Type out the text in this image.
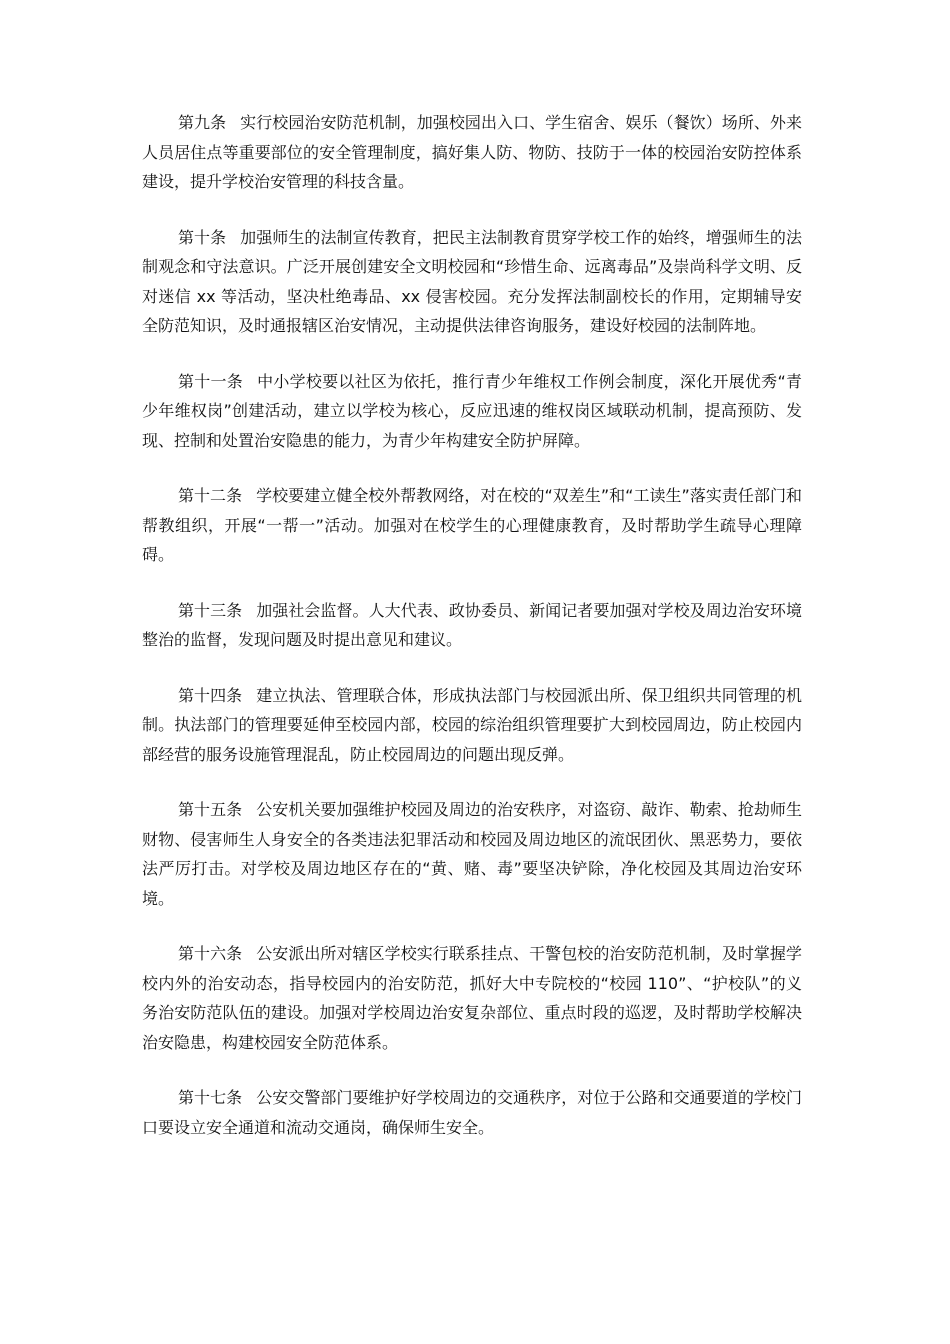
第九条 实行校园治安防范机制，加强校园出入口、学生宿舍、娱乐（餐饮）场所、外来人员居住点等重要部位的安全管理制度，搞好集人防、物防、技防于一体的校园治安防控体系建设，提升学校治安管理的科技含量。

第十条 加强师生的法制宣传教育，把民主法制教育贯穿学校工作的始终，增强师生的法制观念和守法意识。广泛开展创建安全文明校园和“珍惜生命、远离毒品”及崇尚科学文明、反对迷信 xx 等活动，坚决杜绝毒品、xx 侵害校园。充分发挥法制副校长的作用，定期辅导安全防范知识，及时通报辖区治安情况，主动提供法律咨询服务，建设好校园的法制阵地。

第十一条 中小学校要以社区为依托，推行青少年维权工作例会制度，深化开展优秀“青少年维权岗”创建活动，建立以学校为核心，反应迅速的维权岗区域联动机制，提高预防、发现、控制和处置治安隐患的能力，为青少年构建安全防护屏障。

第十二条 学校要建立健全校外帮教网络，对在校的“双差生”和“工读生”落实责任部门和帮教组织，开展“一帮一”活动。加强对在校学生的心理健康教育，及时帮助学生疏导心理障碍。

第十三条 加强社会监督。人大代表、政协委员、新闻记者要加强对学校及周边治安环境整治的监督，发现问题及时提出意见和建议。

第十四条 建立执法、管理联合体，形成执法部门与校园派出所、保卫组织共同管理的机制。执法部门的管理要延伸至校园内部，校园的综治组织管理要扩大到校园周边，防止校园内部经营的服务设施管理混乱，防止校园周边的问题出现反弹。

第十五条 公安机关要加强维护校园及周边的治安秩序，对盗窃、敲诈、勒索、抢劫师生财物、侵害师生人身安全的各类违法犯罪活动和校园及周边地区的流氓团伙、黑恶势力，要依法严厉打击。对学校及周边地区存在的“黄、赌、毒”要坚决铲除，净化校园及其周边治安环境。

第十六条 公安派出所对辖区学校实行联系挂点、干警包校的治安防范机制，及时掌握学校内外的治安动态，指导校园内的治安防范，抓好大中专院校的“校园 110”、“护校队”的义务治安防范队伍的建设。加强对学校周边治安复杂部位、重点时段的巡逻，及时帮助学校解决治安隐患，构建校园安全防范体系。

第十七条 公安交警部门要维护好学校周边的交通秩序，对位于公路和交通要道的学校门口要设立安全通道和流动交通岗，确保师生安全。
